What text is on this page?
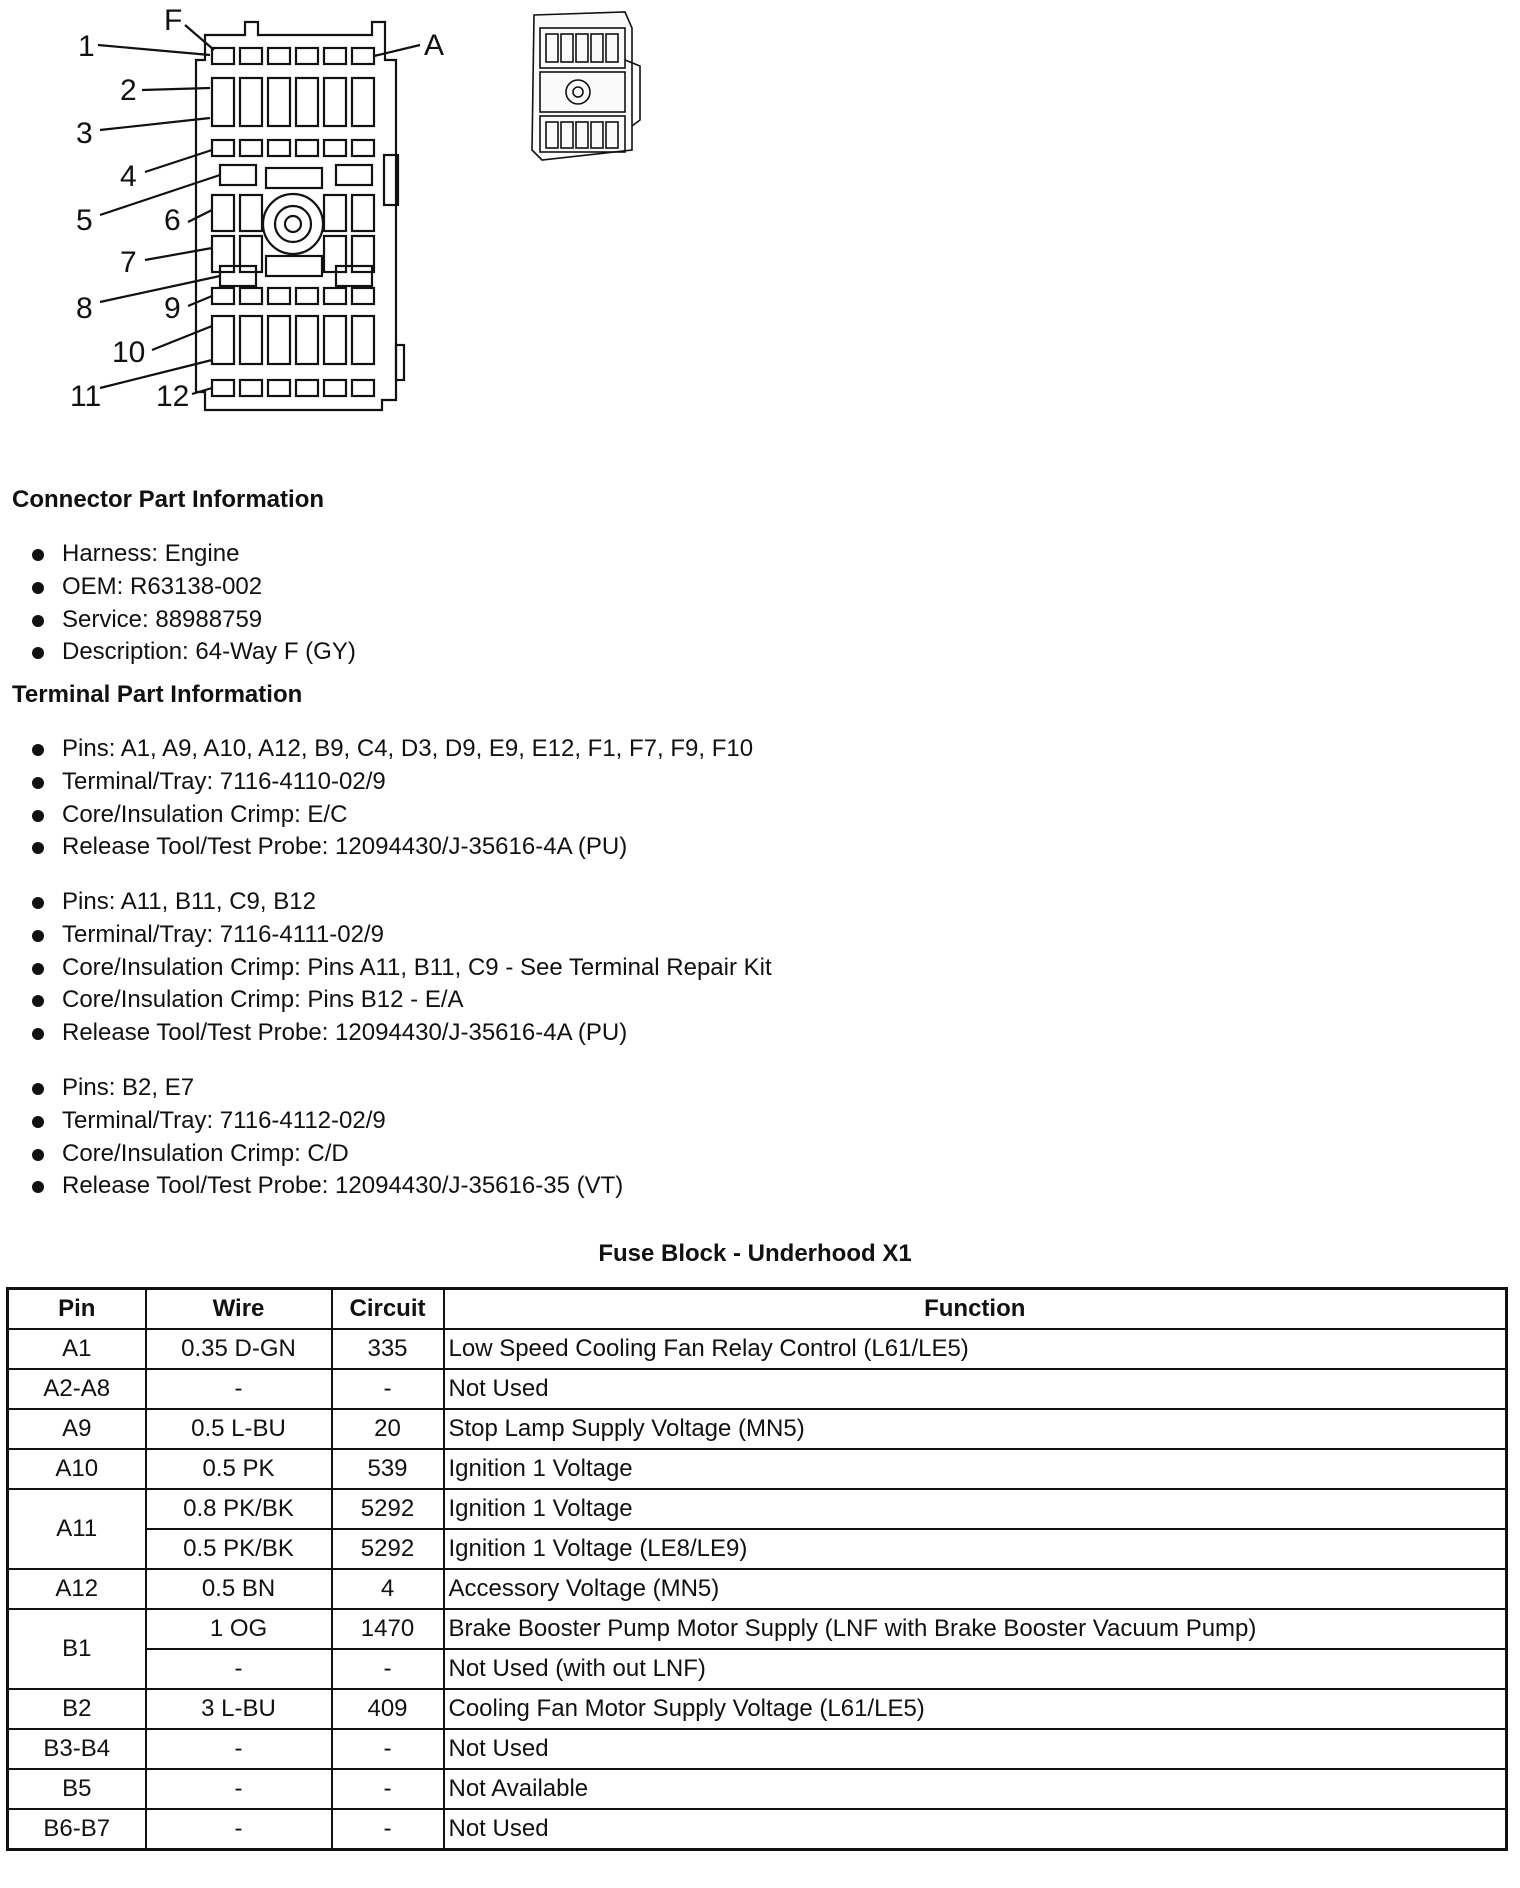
F
A
1
2
3
4
5 6
7
8 9
10
11 12
Connector Part Information
Harness: Engine
OEM: R63138-002
Service: 88988759
Description: 64-Way F (GY)
Terminal Part Information
Pins: A1, A9, A10, A12, B9, C4, D3, D9, E9, E12, F1, F7, F9, F10
Terminal/Tray: 7116-4110-02/9
Core/Insulation Crimp: E/C
Release Tool/Test Probe: 12094430/J-35616-4A (PU)
Pins: A11, B11, C9, B12
Terminal/Tray: 7116-4111-02/9
Core/Insulation Crimp: Pins A11, B11, C9 - See Terminal Repair Kit
Core/Insulation Crimp: Pins B12 - E/A
Release Tool/Test Probe: 12094430/J-35616-4A (PU)
Pins: B2, E7
Terminal/Tray: 7116-4112-02/9
Core/Insulation Crimp: C/D
Release Tool/Test Probe: 12094430/J-35616-35 (VT)
Fuse Block - Underhood X1
Pin	Wire	Circuit	Function
A1	0.35 D-GN	335	Low Speed Cooling Fan Relay Control (L61/LE5)
A2-A8	-	-	Not Used
A9	0.5 L-BU	20	Stop Lamp Supply Voltage (MN5)
A10	0.5 PK	539	Ignition 1 Voltage
A11	0.8 PK/BK	5292	Ignition 1 Voltage
	0.5 PK/BK	5292	Ignition 1 Voltage (LE8/LE9)
A12	0.5 BN	4	Accessory Voltage (MN5)
B1	1 OG	1470	Brake Booster Pump Motor Supply (LNF with Brake Booster Vacuum Pump)
	-	-	Not Used (with out LNF)
B2	3 L-BU	409	Cooling Fan Motor Supply Voltage (L61/LE5)
B3-B4	-	-	Not Used
B5	-	-	Not Available
B6-B7	-	-	Not Used
